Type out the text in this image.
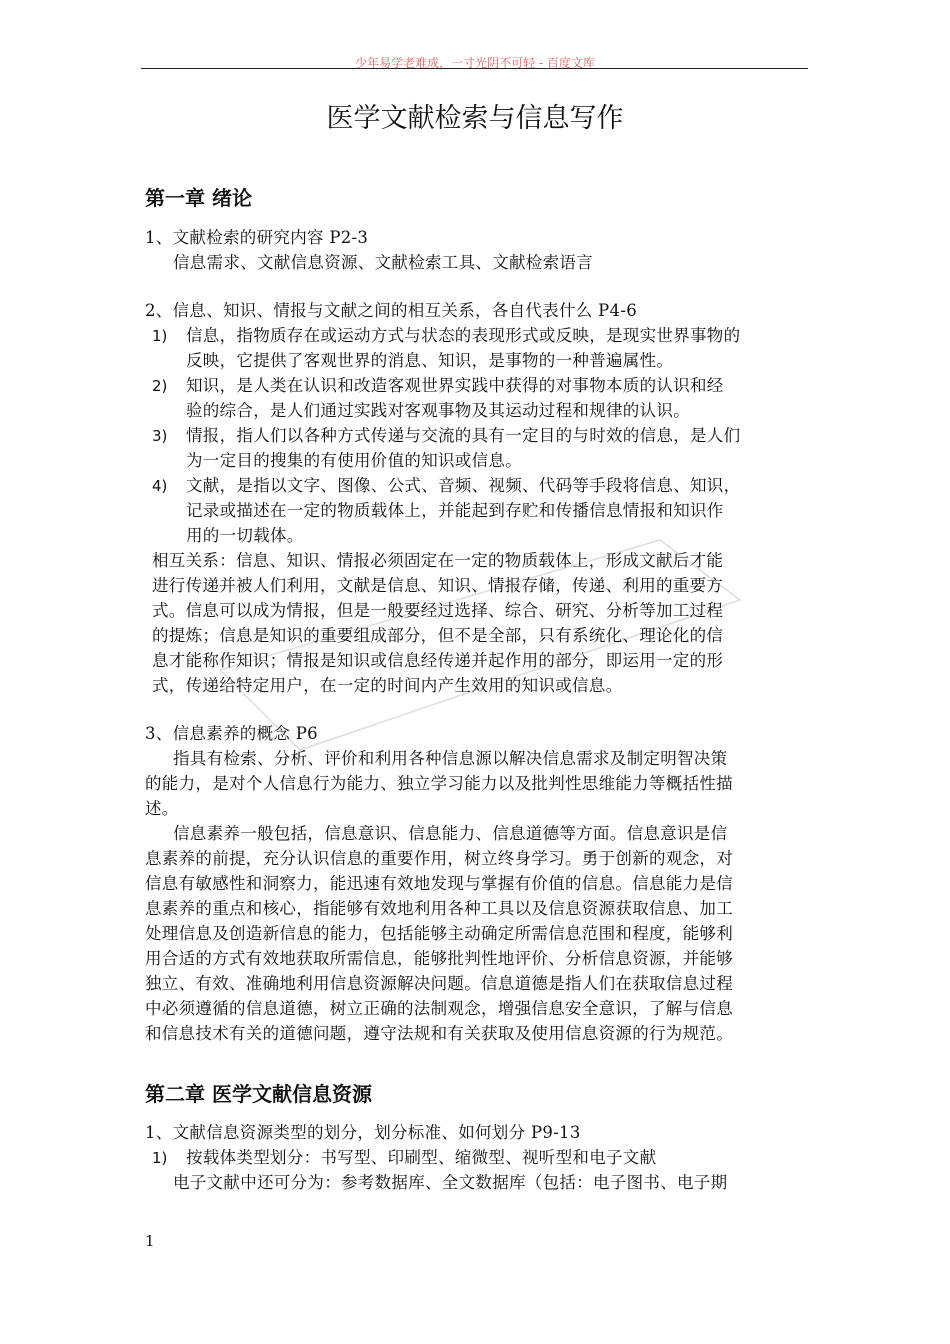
少年易学老难成，一寸光阴不可轻 - 百度文库
医学文献检索与信息写作
第一章 绪论
1、文献检索的研究内容 P2-3
信息需求、文献信息资源、文献检索工具、文献检索语言
2、信息、知识、情报与文献之间的相互关系，各自代表什么 P4-6
1) 信息，指物质存在或运动方式与状态的表现形式或反映，是现实世界事物的
反映，它提供了客观世界的消息、知识，是事物的一种普遍属性。
2) 知识，是人类在认识和改造客观世界实践中获得的对事物本质的认识和经
验的综合，是人们通过实践对客观事物及其运动过程和规律的认识。
3) 情报，指人们以各种方式传递与交流的具有一定目的与时效的信息，是人们
为一定目的搜集的有使用价值的知识或信息。
4) 文献，是指以文字、图像、公式、音频、视频、代码等手段将信息、知识，
记录或描述在一定的物质载体上，并能起到存贮和传播信息情报和知识作
用的一切载体。
相互关系：信息、知识、情报必须固定在一定的物质载体上，形成文献后才能
进行传递并被人们利用，文献是信息、知识、情报存储，传递、利用的重要方
式。信息可以成为情报，但是一般要经过选择、综合、研究、分析等加工过程
的提炼；信息是知识的重要组成部分，但不是全部，只有系统化、理论化的信
息才能称作知识；情报是知识或信息经传递并起作用的部分，即运用一定的形
式，传递给特定用户，在一定的时间内产生效用的知识或信息。
3、信息素养的概念 P6
指具有检索、分析、评价和利用各种信息源以解决信息需求及制定明智决策
的能力，是对个人信息行为能力、独立学习能力以及批判性思维能力等概括性描
述。
信息素养一般包括，信息意识、信息能力、信息道德等方面。信息意识是信
息素养的前提，充分认识信息的重要作用，树立终身学习。勇于创新的观念，对
信息有敏感性和洞察力，能迅速有效地发现与掌握有价值的信息。信息能力是信
息素养的重点和核心，指能够有效地利用各种工具以及信息资源获取信息、加工
处理信息及创造新信息的能力，包括能够主动确定所需信息范围和程度，能够利
用合适的方式有效地获取所需信息，能够批判性地评价、分析信息资源，并能够
独立、有效、准确地利用信息资源解决问题。信息道德是指人们在获取信息过程
中必须遵循的信息道德，树立正确的法制观念，增强信息安全意识，了解与信息
和信息技术有关的道德问题，遵守法规和有关获取及使用信息资源的行为规范。
第二章 医学文献信息资源
1、文献信息资源类型的划分，划分标准、如何划分 P9-13
1) 按载体类型划分：书写型、印刷型、缩微型、视听型和电子文献
电子文献中还可分为：参考数据库、全文数据库（包括：电子图书、电子期
1
